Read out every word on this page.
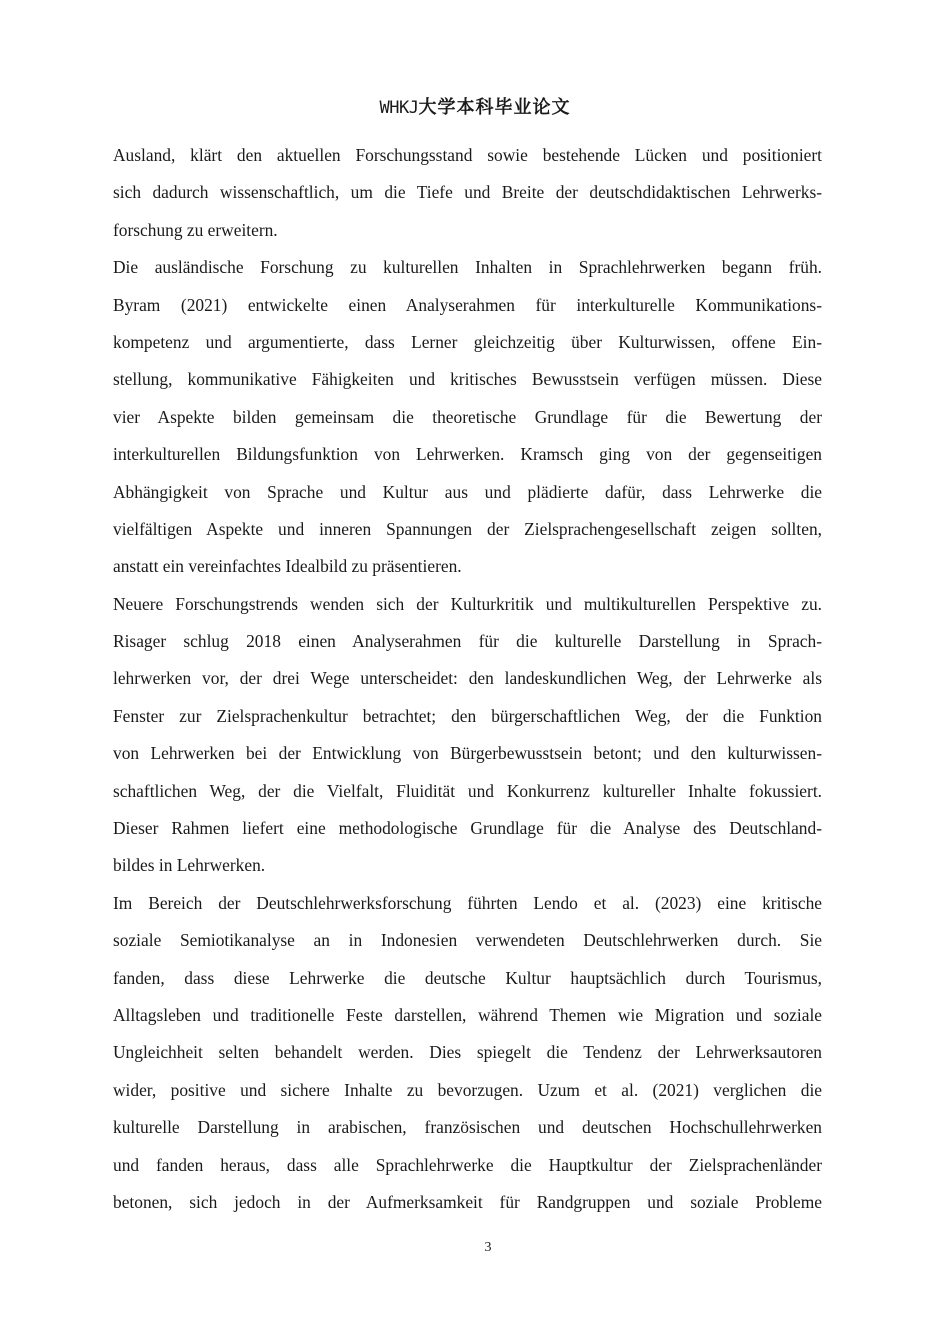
WHKJ大学本科毕业论文
Ausland, klärt den aktuellen Forschungsstand sowie bestehende Lücken und positioniert
sich dadurch wissenschaftlich, um die Tiefe und Breite der deutschdidaktischen Lehrwerks-
forschung zu erweitern.
Die ausländische Forschung zu kulturellen Inhalten in Sprachlehrwerken begann früh.
Byram (2021) entwickelte einen Analyserahmen für interkulturelle Kommunikations-
kompetenz und argumentierte, dass Lerner gleichzeitig über Kulturwissen, offene Ein-
stellung, kommunikative Fähigkeiten und kritisches Bewusstsein verfügen müssen. Diese
vier Aspekte bilden gemeinsam die theoretische Grundlage für die Bewertung der
interkulturellen Bildungsfunktion von Lehrwerken. Kramsch ging von der gegenseitigen
Abhängigkeit von Sprache und Kultur aus und plädierte dafür, dass Lehrwerke die
vielfältigen Aspekte und inneren Spannungen der Zielsprachengesellschaft zeigen sollten,
anstatt ein vereinfachtes Idealbild zu präsentieren.
Neuere Forschungstrends wenden sich der Kulturkritik und multikulturellen Perspektive zu.
Risager schlug 2018 einen Analyserahmen für die kulturelle Darstellung in Sprach-
lehrwerken vor, der drei Wege unterscheidet: den landeskundlichen Weg, der Lehrwerke als
Fenster zur Zielsprachenkultur betrachtet; den bürgerschaftlichen Weg, der die Funktion
von Lehrwerken bei der Entwicklung von Bürgerbewusstsein betont; und den kulturwissen-
schaftlichen Weg, der die Vielfalt, Fluidität und Konkurrenz kultureller Inhalte fokussiert.
Dieser Rahmen liefert eine methodologische Grundlage für die Analyse des Deutschland-
bildes in Lehrwerken.
Im Bereich der Deutschlehrwerksforschung führten Lendo et al. (2023) eine kritische
soziale Semiotikanalyse an in Indonesien verwendeten Deutschlehrwerken durch. Sie
fanden, dass diese Lehrwerke die deutsche Kultur hauptsächlich durch Tourismus,
Alltagsleben und traditionelle Feste darstellen, während Themen wie Migration und soziale
Ungleichheit selten behandelt werden. Dies spiegelt die Tendenz der Lehrwerksautoren
wider, positive und sichere Inhalte zu bevorzugen. Uzum et al. (2021) verglichen die
kulturelle Darstellung in arabischen, französischen und deutschen Hochschullehrwerken
und fanden heraus, dass alle Sprachlehrwerke die Hauptkultur der Zielsprachenländer
betonen, sich jedoch in der Aufmerksamkeit für Randgruppen und soziale Probleme
3
